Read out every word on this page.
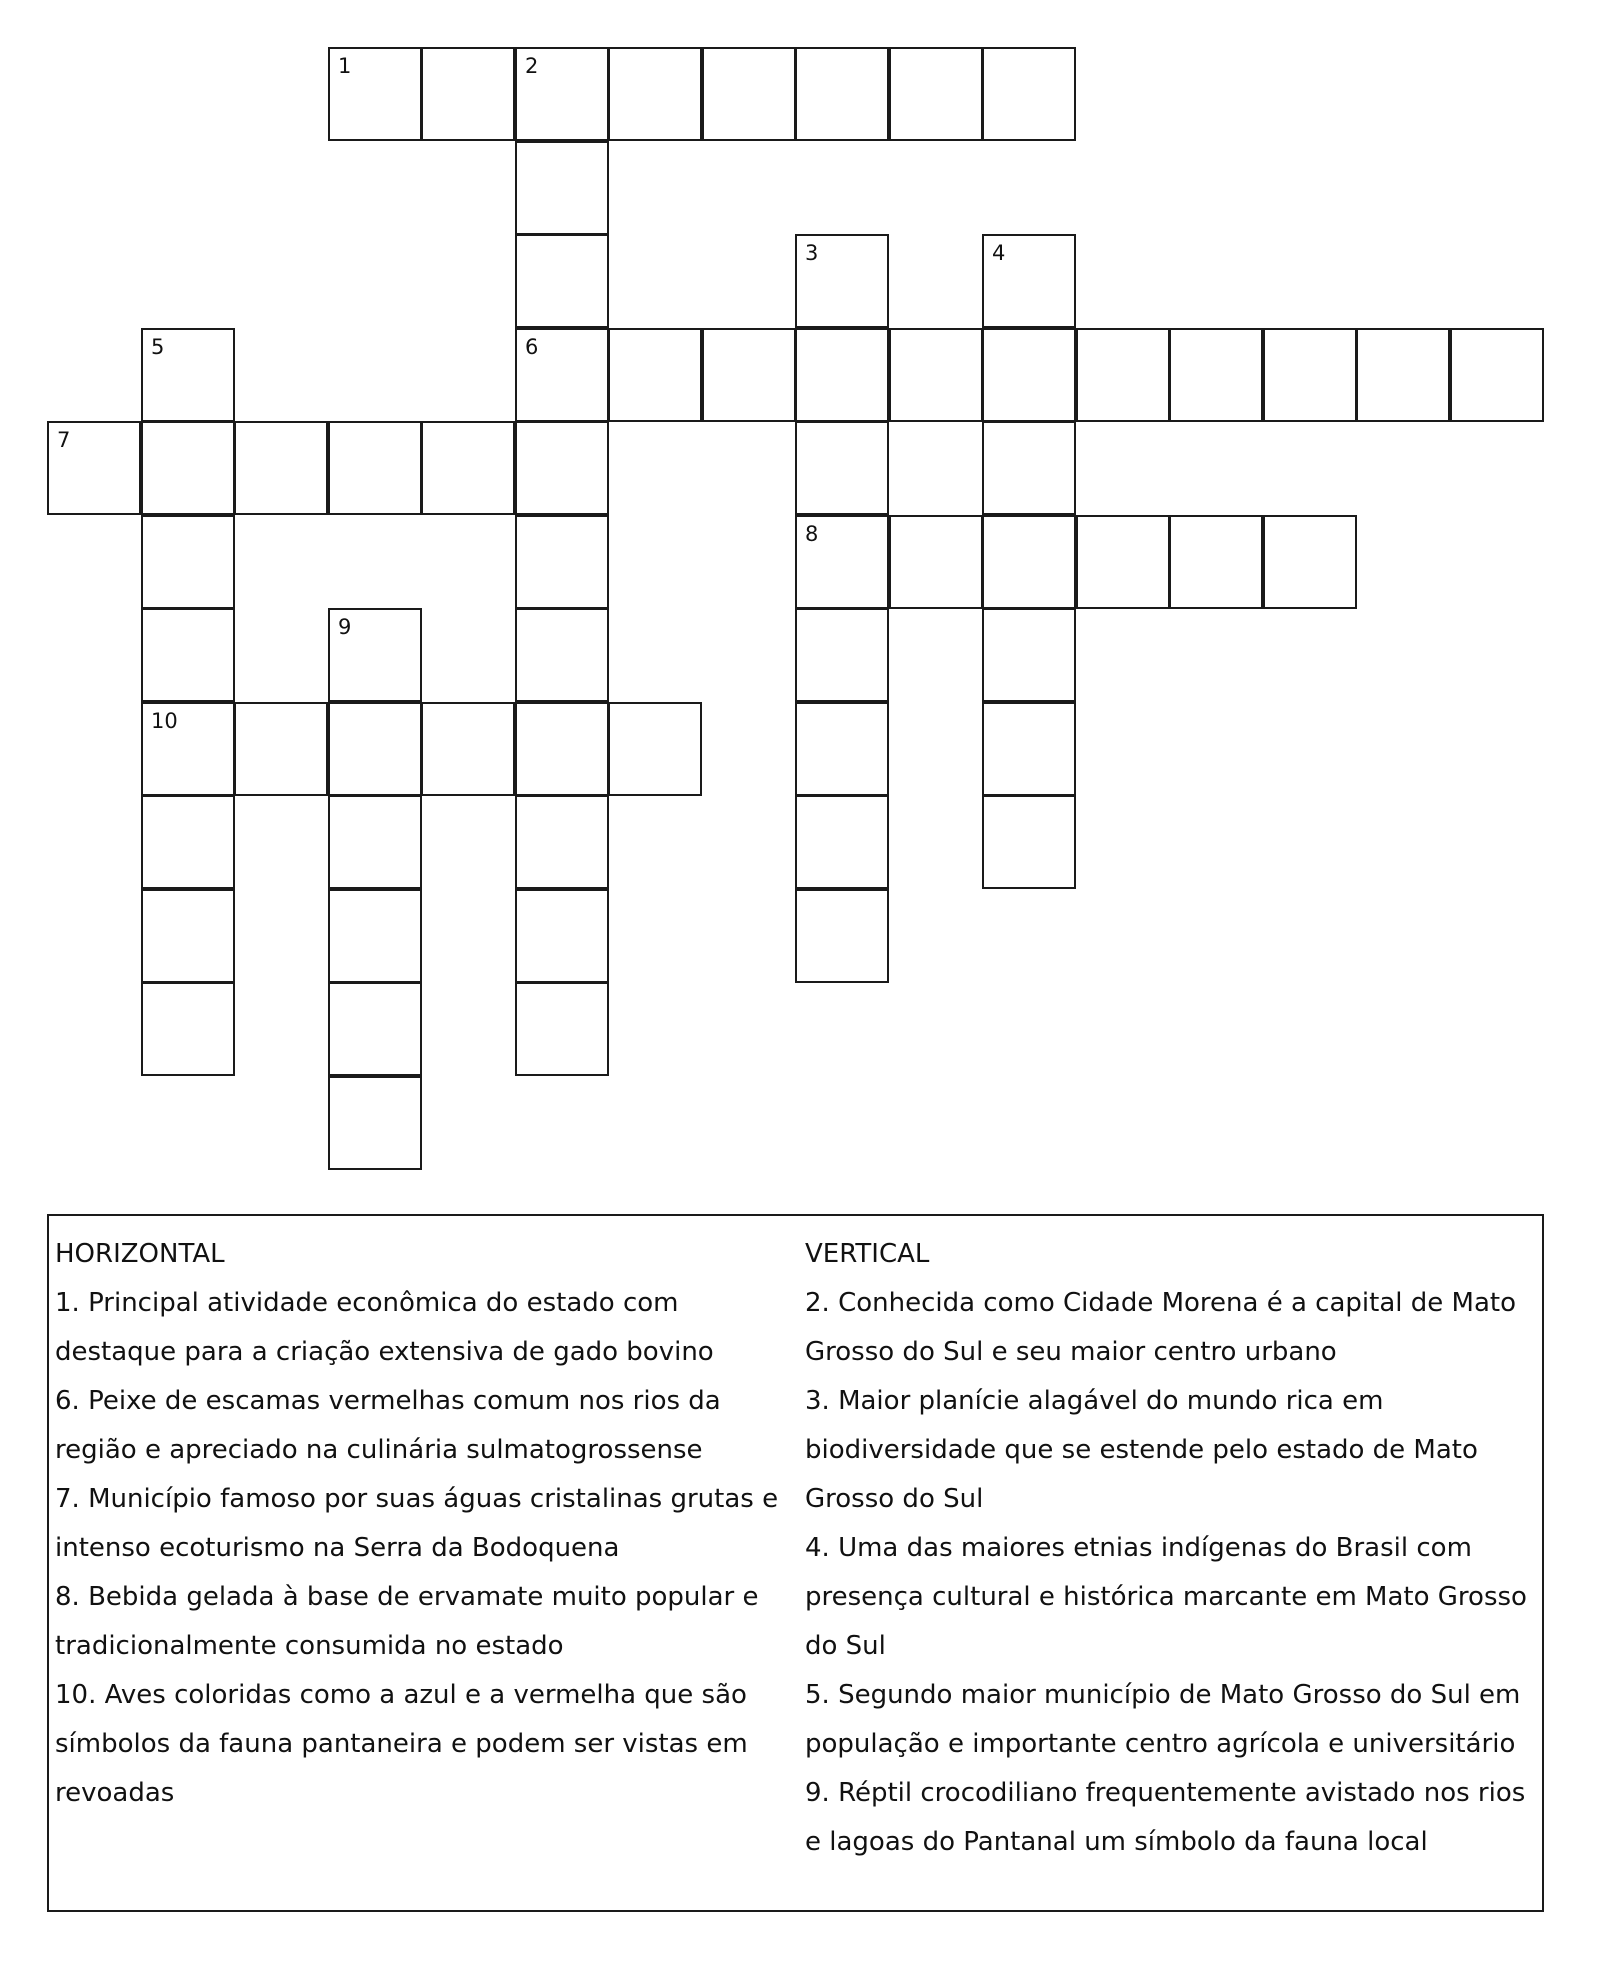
1	2
6
3
8
4
5
10
7
9
HORIZONTAL
1. Principal atividade econômica do estado com destaque para a criação extensiva de gado bovino
6. Peixe de escamas vermelhas comum nos rios da região e apreciado na culinária sulmatogrossense
7. Município famoso por suas águas cristalinas grutas e intenso ecoturismo na Serra da Bodoquena
8. Bebida gelada à base de ervamate muito popular e tradicionalmente consumida no estado
10. Aves coloridas como a azul e a vermelha que são símbolos da fauna pantaneira e podem ser vistas em revoadas
VERTICAL
2. Conhecida como Cidade Morena é a capital de Mato Grosso do Sul e seu maior centro urbano
3. Maior planície alagável do mundo rica em biodiversidade que se estende pelo estado de Mato Grosso do Sul
4. Uma das maiores etnias indígenas do Brasil com presença cultural e histórica marcante em Mato Grosso do Sul
5. Segundo maior município de Mato Grosso do Sul em população e importante centro agrícola e universitário
9. Réptil crocodiliano frequentemente avistado nos rios e lagoas do Pantanal um símbolo da fauna local
